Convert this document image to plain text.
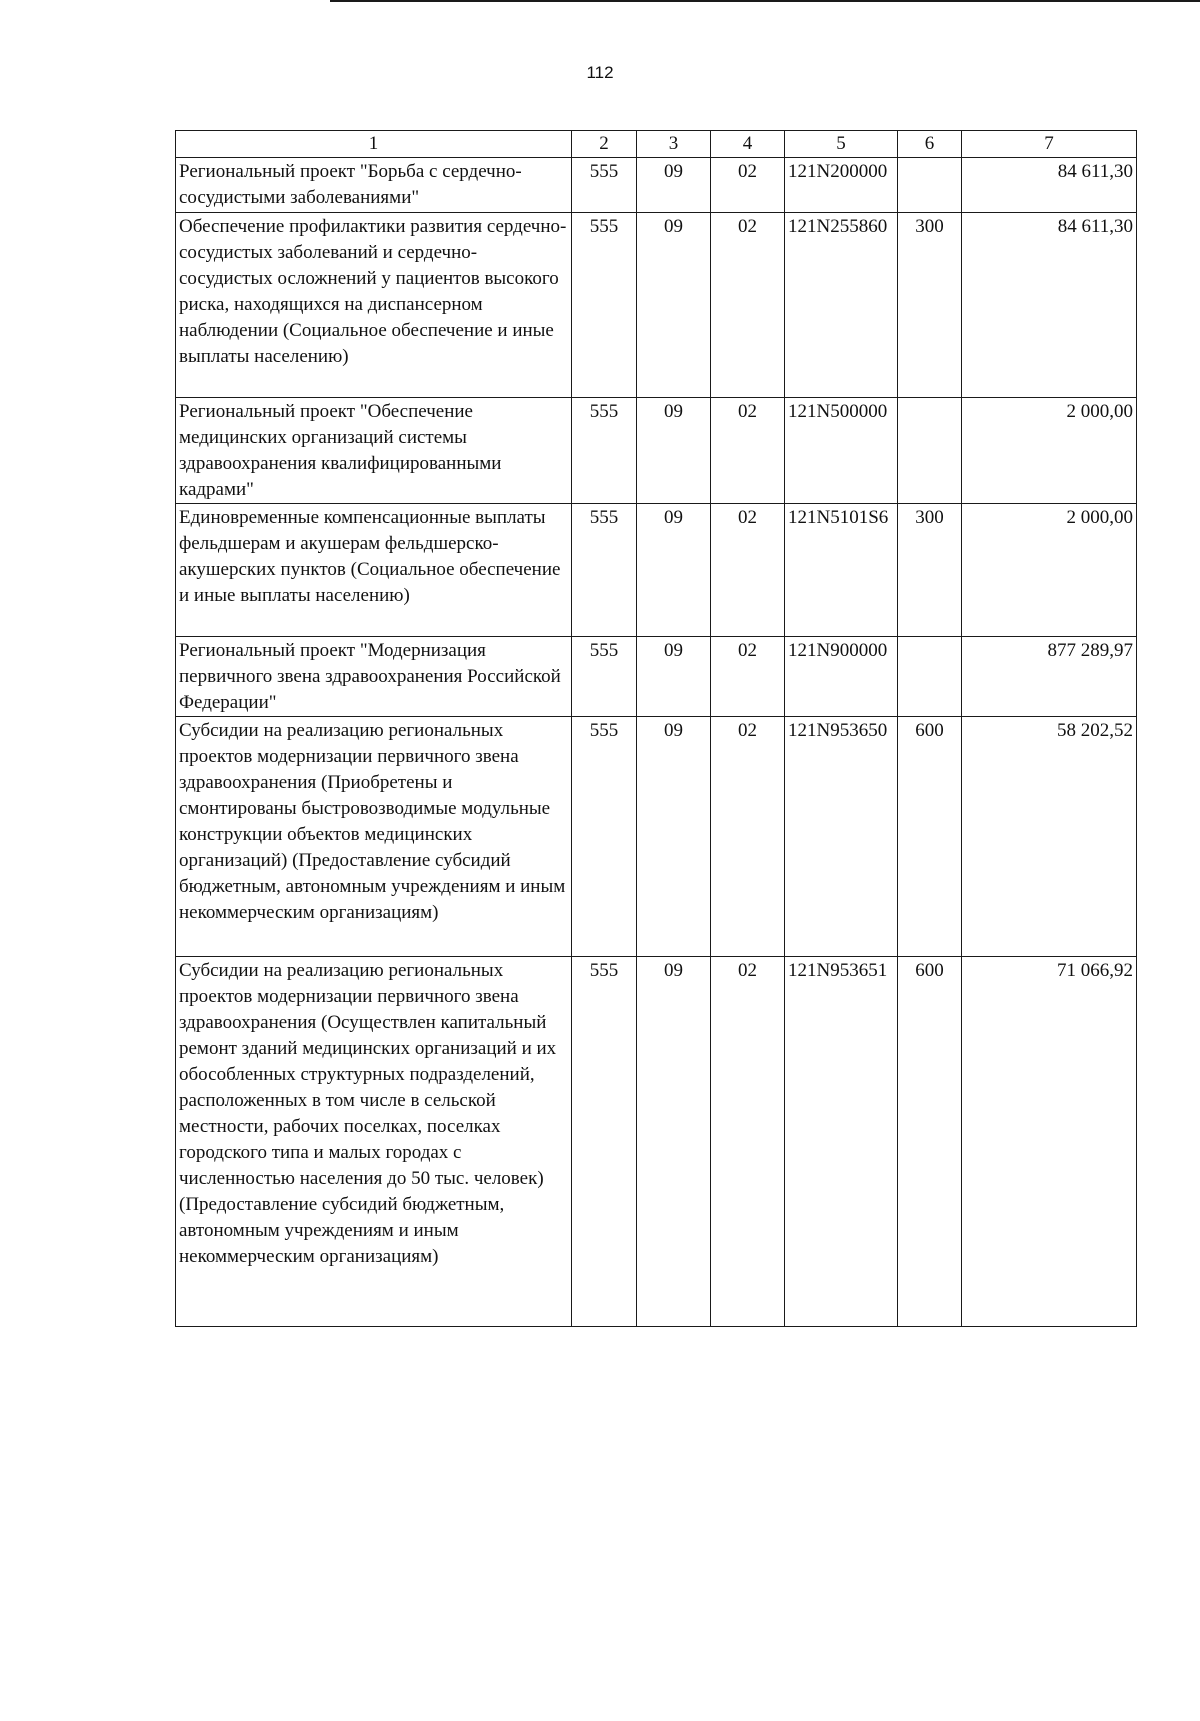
112
1	2	3	4	5	6	7
Региональный проект "Борьба с сердечно-сосудистыми заболеваниями"	555	09	02	121N200000		84 611,30
Обеспечение профилактики развития сердечно-сосудистых заболеваний и сердечно-сосудистых осложнений у пациентов высокого риска, находящихся на диспансерном наблюдении (Социальное обеспечение и иные выплаты населению)	555	09	02	121N255860	300	84 611,30
Региональный проект "Обеспечение медицинских организаций системы здравоохранения квалифицированными кадрами"	555	09	02	121N500000		2 000,00
Единовременные компенсационные выплаты фельдшерам и акушерам фельдшерско-акушерских пунктов (Социальное обеспечение и иные выплаты населению)	555	09	02	121N5101S6	300	2 000,00
Региональный проект "Модернизация первичного звена здравоохранения Российской Федерации"	555	09	02	121N900000		877 289,97
Субсидии на реализацию региональных проектов модернизации первичного звена здравоохранения (Приобретены и смонтированы быстровозводимые модульные конструкции объектов медицинских организаций) (Предоставление субсидий бюджетным, автономным учреждениям и иным некоммерческим организациям)	555	09	02	121N953650	600	58 202,52
Субсидии на реализацию региональных проектов модернизации первичного звена здравоохранения (Осуществлен капитальный ремонт зданий медицинских организаций и их обособленных структурных подразделений, расположенных в том числе в сельской местности, рабочих поселках, поселках городского типа и малых городах с численностью населения до 50 тыс. человек) (Предоставление субсидий бюджетным, автономным учреждениям и иным некоммерческим организациям)	555	09	02	121N953651	600	71 066,92
